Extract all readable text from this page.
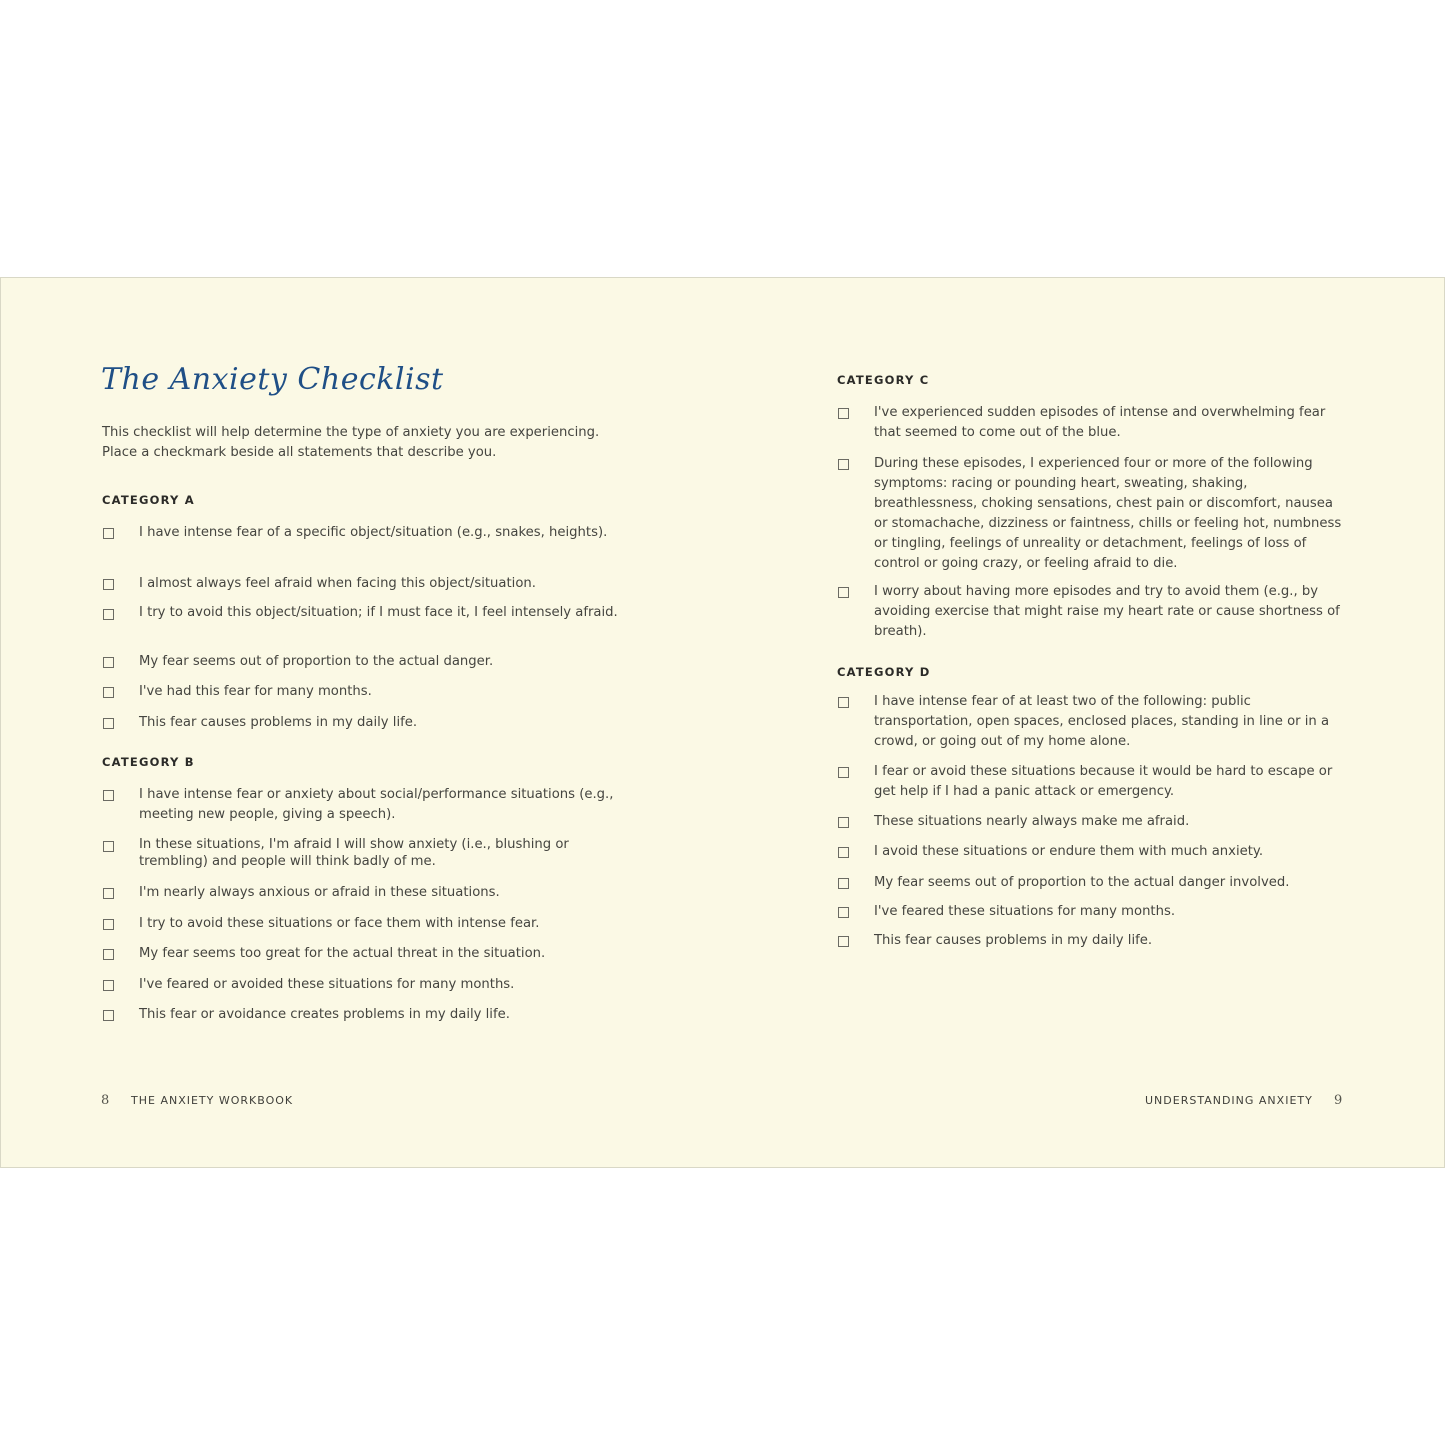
The Anxiety Checklist
This checklist will help determine the type of anxiety you are experiencing. Place a checkmark beside all statements that describe you.
CATEGORY A
I have intense fear of a specific object/situation (e.g., snakes, heights).
I almost always feel afraid when facing this object/situation.
I try to avoid this object/situation; if I must face it, I feel intensely afraid.
My fear seems out of proportion to the actual danger.
I've had this fear for many months.
This fear causes problems in my daily life.
CATEGORY B
I have intense fear or anxiety about social/performance situations (e.g., meeting new people, giving a speech).
In these situations, I'm afraid I will show anxiety (i.e., blushing or trembling) and people will think badly of me.
I'm nearly always anxious or afraid in these situations.
I try to avoid these situations or face them with intense fear.
My fear seems too great for the actual threat in the situation.
I've feared or avoided these situations for many months.
This fear or avoidance creates problems in my daily life.
8 THE ANXIETY WORKBOOK
CATEGORY C
I've experienced sudden episodes of intense and overwhelming fear that seemed to come out of the blue.
During these episodes, I experienced four or more of the following symptoms: racing or pounding heart, sweating, shaking, breathlessness, choking sensations, chest pain or discomfort, nausea or stomachache, dizziness or faintness, chills or feeling hot, numbness or tingling, feelings of unreality or detachment, feelings of loss of control or going crazy, or feeling afraid to die.
I worry about having more episodes and try to avoid them (e.g., by avoiding exercise that might raise my heart rate or cause shortness of breath).
CATEGORY D
I have intense fear of at least two of the following: public transportation, open spaces, enclosed places, standing in line or in a crowd, or going out of my home alone.
I fear or avoid these situations because it would be hard to escape or get help if I had a panic attack or emergency.
These situations nearly always make me afraid.
I avoid these situations or endure them with much anxiety.
My fear seems out of proportion to the actual danger involved.
I've feared these situations for many months.
This fear causes problems in my daily life.
UNDERSTANDING ANXIETY 9
